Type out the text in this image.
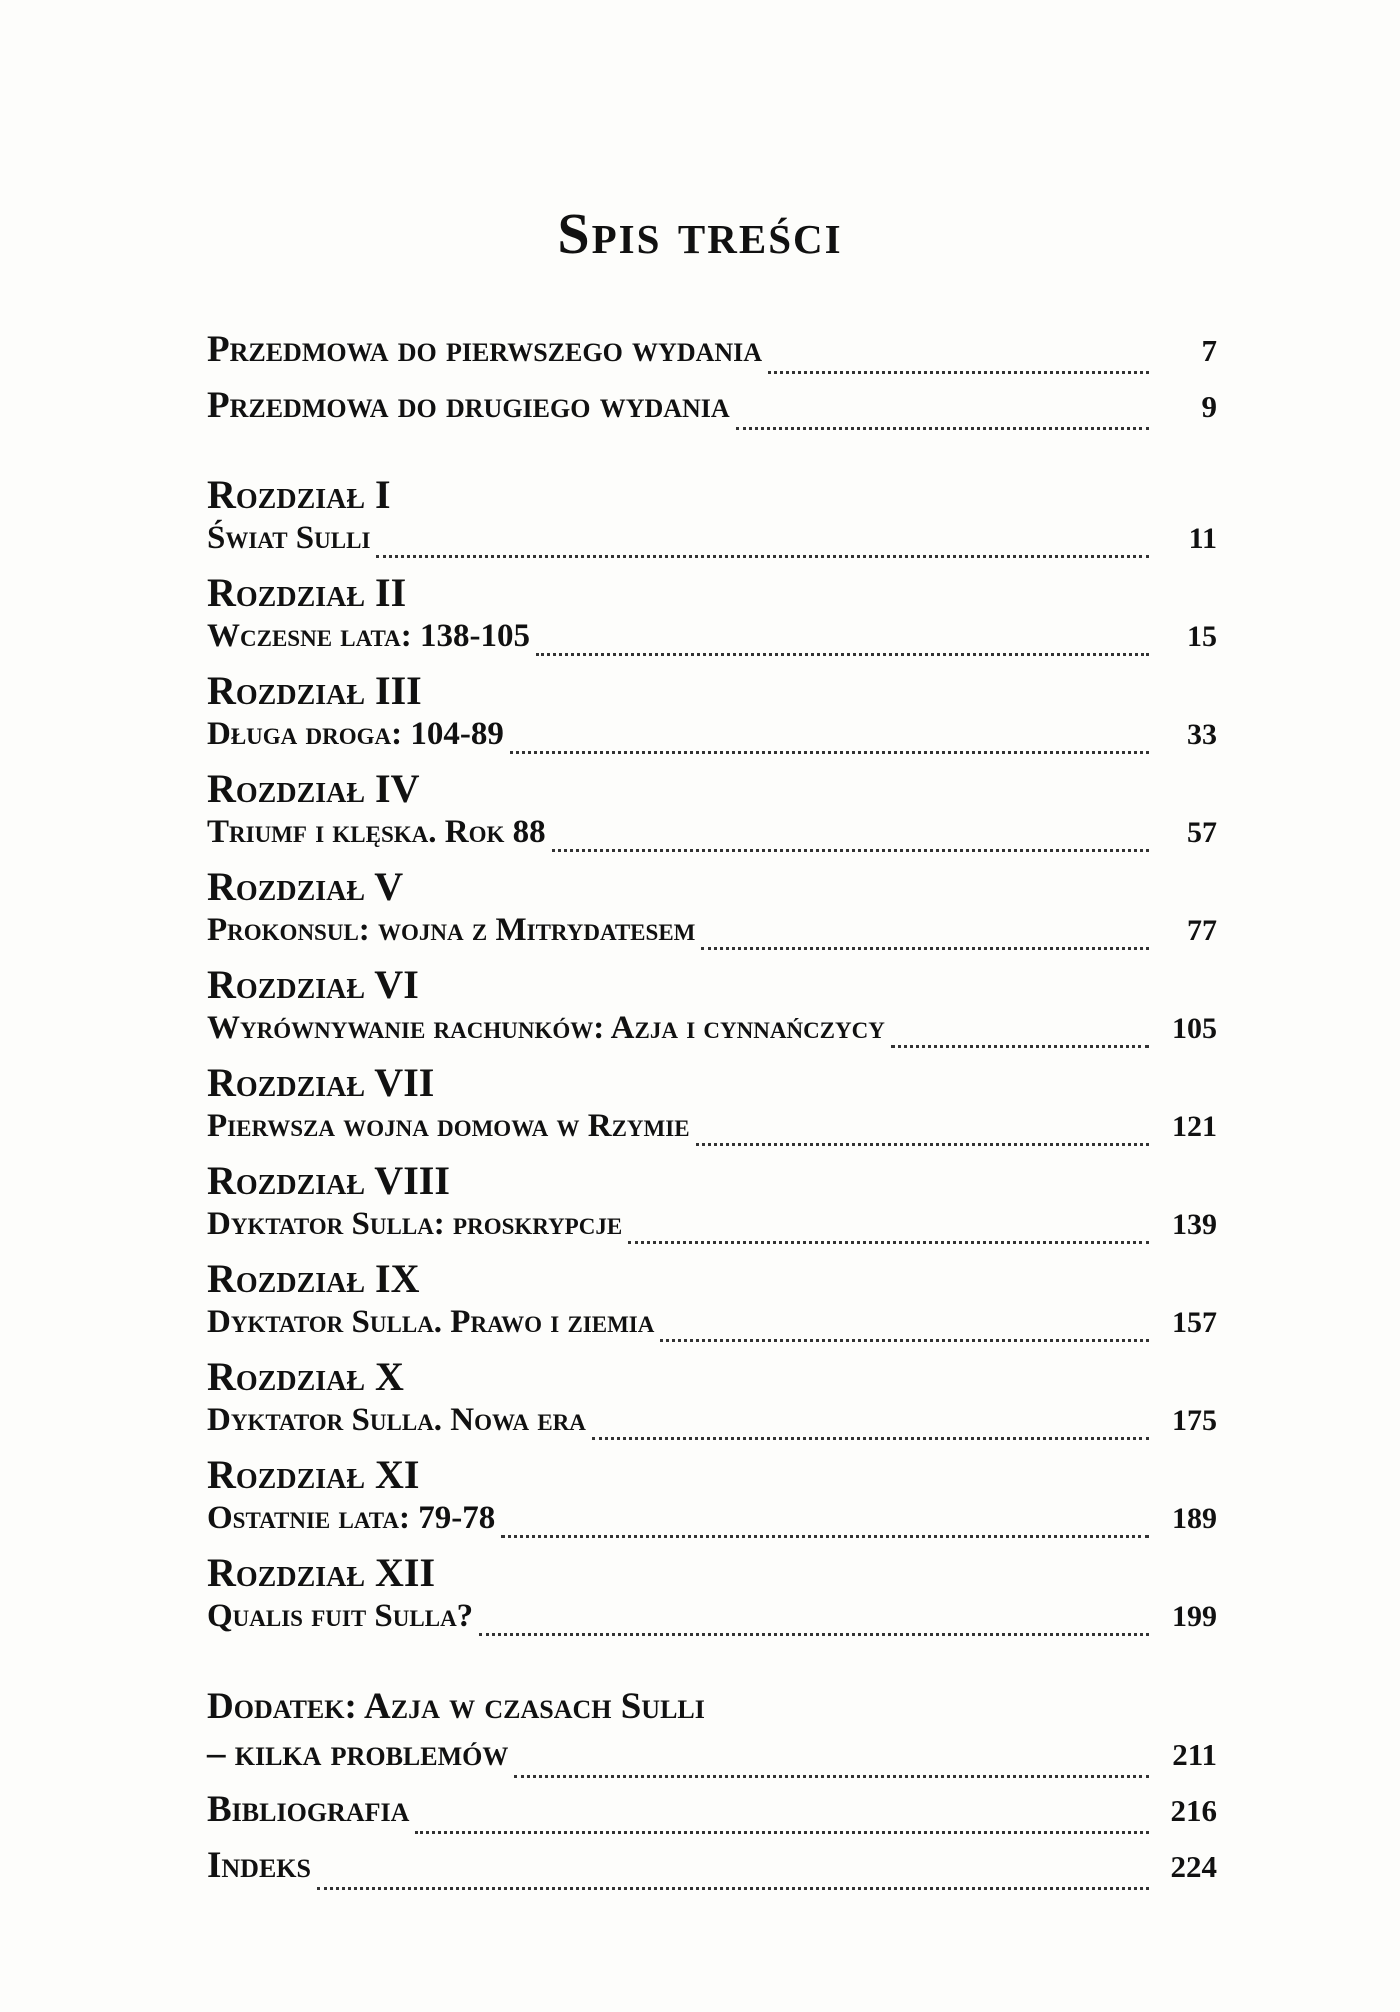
Spis treści
Przedmowa do pierwszego wydania	7
Przedmowa do drugiego wydania	9
Rozdział I
Świat Sulli	11
Rozdział II
Wczesne lata: 138-105	15
Rozdział III
Długa droga: 104-89	33
Rozdział IV
Triumf i klęska. Rok 88	57
Rozdział V
Prokonsul: wojna z Mitrydatesem	77
Rozdział VI
Wyrównywanie rachunków: Azja i cynnańczycy	105
Rozdział VII
Pierwsza wojna domowa w Rzymie	121
Rozdział VIII
Dyktator Sulla: proskrypcje	139
Rozdział IX
Dyktator Sulla. Prawo i ziemia	157
Rozdział X
Dyktator Sulla. Nowa era	175
Rozdział XI
Ostatnie lata: 79-78	189
Rozdział XII
Qualis fuit Sulla?	199
Dodatek: Azja w czasach Sulli
– kilka problemów	211
Bibliografia	216
Indeks	224
